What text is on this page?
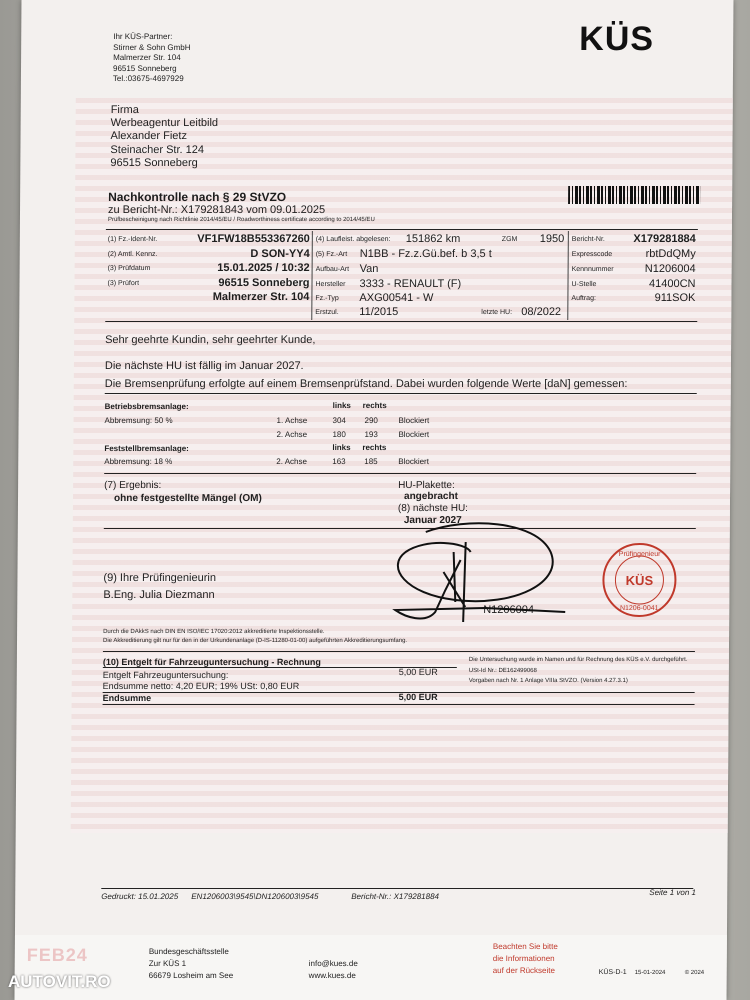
KÜS
Ihr KÜS-Partner:
Stirner & Sohn GmbH
Malmerzer Str. 104
96515 Sonneberg
Tel.:03675-4697929
Firma
Werbeagentur Leitbild
Alexander Fietz
Steinacher Str. 124
96515 Sonneberg
Nachkontrolle nach § 29 StVZO
zu Bericht-Nr.: X179281843 vom 09.01.2025
Prüfbescheinigung nach Richtlinie 2014/45/EU / Roadworthiness certificate according to 2014/45/EU
(1) Fz.-Ident-Nr.	VF1FW18B553367260
(2) Amtl. Kennz.	D SON-YY4
(3) Prüfdatum	15.01.2025 / 10:32
(3) Prüfort	96515 Sonneberg
Malmerzer Str. 104
(4) Laufleist. abgelesen: 151862 km	ZGM 1950
(5) Fz.-Art N1BB - Fz.z.Gü.bef. b 3,5 t
Aufbau-Art Van
Hersteller 3333 - RENAULT (F)
Fz.-Typ AXG00541 - W
Erstzul. 11/2015	letzte HU: 08/2022
Bericht-Nr.	X179281884
Expresscode	rbtDdQMy
Kennnummer	N1206004
U-Stelle	41400CN
Auftrag:	911SOK
Sehr geehrte Kundin, sehr geehrter Kunde,
Die nächste HU ist fällig im Januar 2027.
Die Bremsenprüfung erfolgte auf einem Bremsenprüfstand. Dabei wurden folgende Werte [daN] gemessen:
Betriebsbremsanlage:	links rechts
Abbremsung: 50 %	1. Achse	304 290	Blockiert
2. Achse	180 193	Blockiert
Feststellbremsanlage:	links rechts
Abbremsung: 18 %	2. Achse	163 185	Blockiert
(7) Ergebnis:
ohne festgestellte Mängel (OM)
HU-Plakette:
angebracht
(8) nächste HU:
Januar 2027
(9) Ihre Prüfingenieurin
B.Eng. Julia Diezmann
N1206004
Prüfingenieur
KÜS
N1206-0041
Durch die DAkkS nach DIN EN ISO/IEC 17020:2012 akkreditierte Inspektionsstelle.
Die Akkreditierung gilt nur für den in der Urkundenanlage (D-IS-11280-01-00) aufgeführten Akkreditierungsumfang.
(10) Entgelt für Fahrzeuguntersuchung - Rechnung
Entgelt Fahrzeuguntersuchung:	5,00 EUR
Endsumme netto: 4,20 EUR; 19% USt: 0,80 EUR
Endsumme	5,00 EUR
Die Untersuchung wurde im Namen und für Rechnung des KÜS e.V. durchgeführt.
USt-Id Nr.: DE162499068
Vorgaben nach Nr. 1 Anlage VIIIa StVZO. (Version 4.27.3.1)
Gedruckt: 15.01.2025 EN1206003\9545\DN1206003\9545	Bericht-Nr.: X179281884	Seite 1 von 1
FEB24	Bundesgeschäftsstelle
Zur KÜS 1
66679 Losheim am See
info@kues.de
www.kues.de
Beachten Sie bitte
die Informationen
auf der Rückseite	KÜS-D-1 15-01-2024	© 2024
AUTOVIT.RO
